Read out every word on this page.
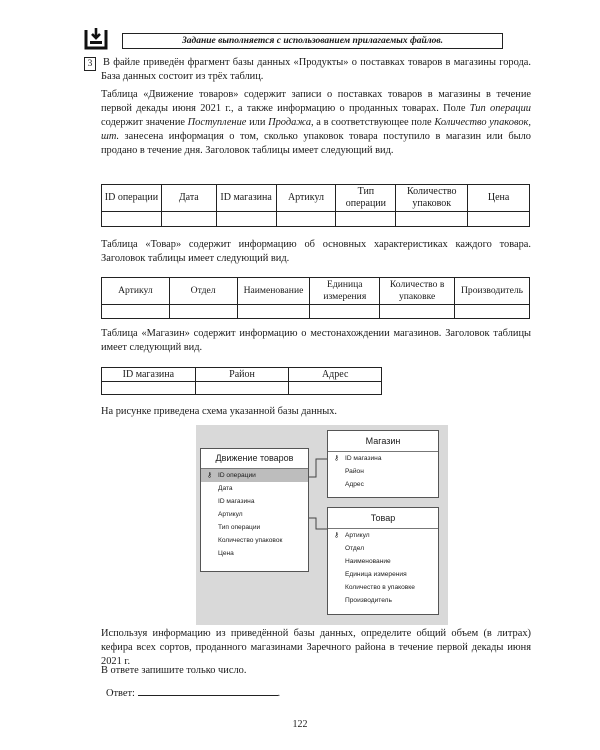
Задание выполняется с использованием прилагаемых файлов.
3	В файле приведён фрагмент базы данных «Продукты» о поставках товаров в магазины города. База данных состоит из трёх таблиц.
Таблица «Движение товаров» содержит записи о поставках товаров в магазины в течение первой декады июня 2021 г., а также информацию о проданных товарах. Поле Тип операции содержит значение Поступление или Продажа, а в соответствующее поле Количество упаковок, шт. занесена информация о том, сколько упаковок товара поступило в магазин или было продано в течение дня. Заголовок таблицы имеет следующий вид.
ID операции	Дата	ID магазина	Артикул	Тип операции	Количество упаковок	Цена

Таблица «Товар» содержит информацию об основных характеристиках каждого товара. Заголовок таблицы имеет следующий вид.
Артикул	Отдел	Наименование	Единица измерения	Количество в упаковке	Производитель

Таблица «Магазин» содержит информацию о местонахождении магазинов. Заголовок таблицы имеет следующий вид.
ID магазина	Район	Адрес

На рисунке приведена схема указанной базы данных.
Движение товаров
⚷ ID операции
Дата
ID магазина
Артикул
Тип операции
Количество упаковок
Цена
Магазин
⚷ ID магазина
Район
Адрес
Товар
⚷ Артикул
Отдел
Наименование
Единица измерения
Количество в упаковке
Производитель
Используя информацию из приведённой базы данных, определите общий объем (в литрах) кефира всех сортов, проданного магазинами Заречного района в течение первой декады июня 2021 г.
В ответе запишите только число.
Ответ:	.
122
